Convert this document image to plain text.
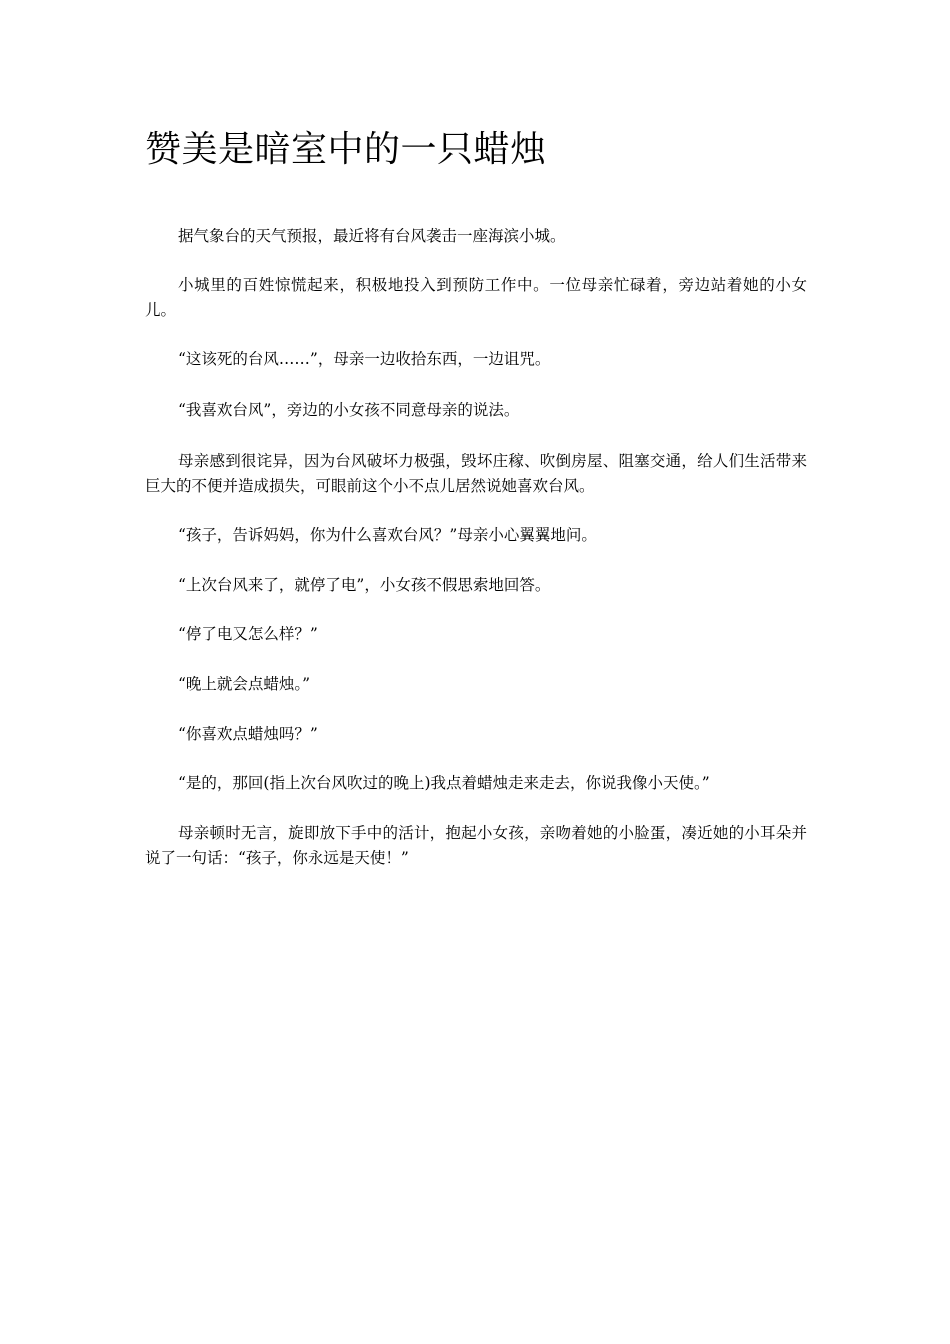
赞美是暗室中的一只蜡烛

据气象台的天气预报，最近将有台风袭击一座海滨小城。

小城里的百姓惊慌起来，积极地投入到预防工作中。一位母亲忙碌着，旁边站着她的小女儿。

“这该死的台风……”，母亲一边收拾东西，一边诅咒。

“我喜欢台风”，旁边的小女孩不同意母亲的说法。

母亲感到很诧异，因为台风破坏力极强，毁坏庄稼、吹倒房屋、阻塞交通，给人们生活带来巨大的不便并造成损失，可眼前这个小不点儿居然说她喜欢台风。

“孩子，告诉妈妈，你为什么喜欢台风？”母亲小心翼翼地问。

“上次台风来了，就停了电”，小女孩不假思索地回答。

“停了电又怎么样？”

“晚上就会点蜡烛。”

“你喜欢点蜡烛吗？”

“是的，那回(指上次台风吹过的晚上)我点着蜡烛走来走去，你说我像小天使。”

母亲顿时无言，旋即放下手中的活计，抱起小女孩，亲吻着她的小脸蛋，凑近她的小耳朵并说了一句话：“孩子，你永远是天使！”
